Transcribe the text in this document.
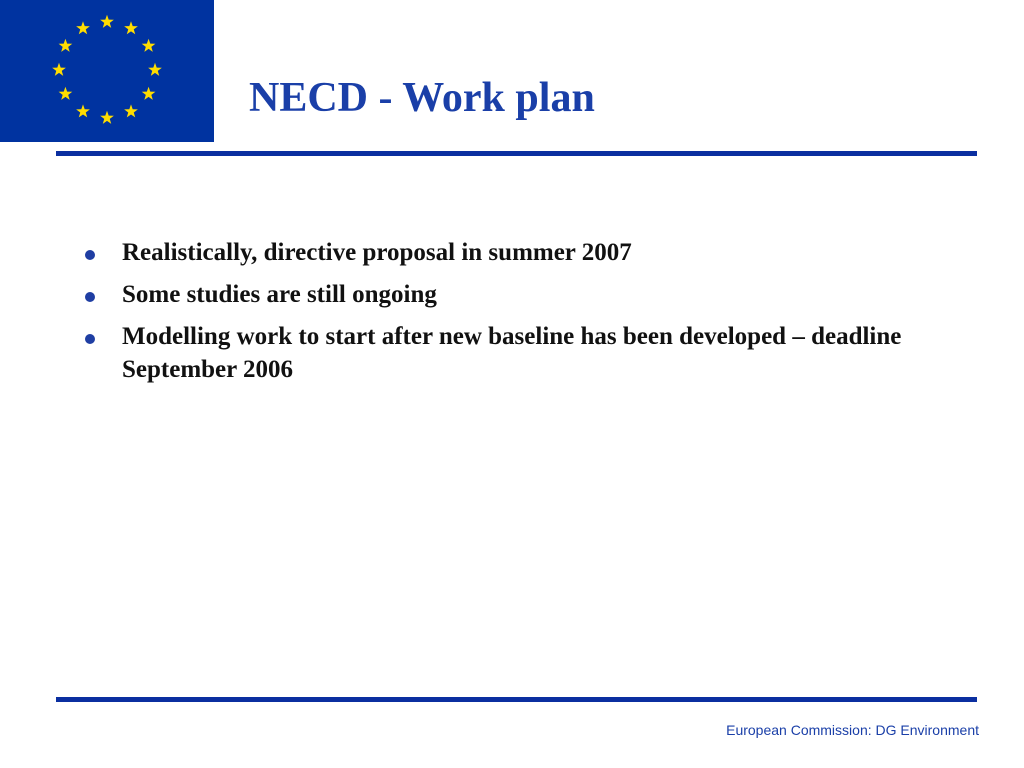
NECD - Work plan
Realistically, directive proposal in summer 2007
Some studies are still ongoing
Modelling work to start after new baseline has been developed – deadline September 2006
European Commission: DG Environment
